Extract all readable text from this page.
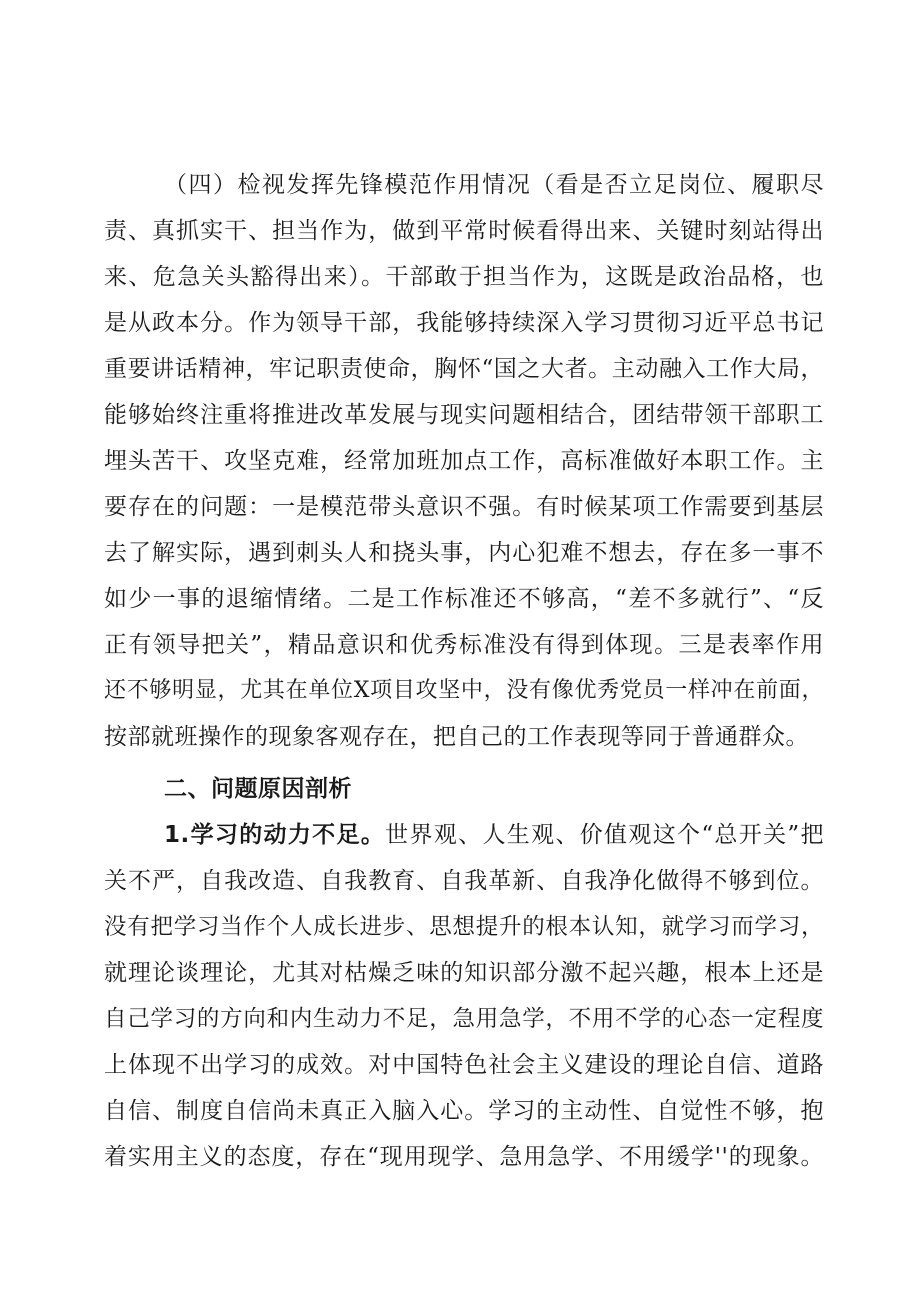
（四）检视发挥先锋模范作用情况（看是否立足岗位、履职尽
责、真抓实干、担当作为，做到平常时候看得出来、关键时刻站得出
来、危急关头豁得出来）。干部敢于担当作为，这既是政治品格，也
是从政本分。作为领导干部，我能够持续深入学习贯彻习近平总书记
重要讲话精神，牢记职责使命，胸怀“国之大者。主动融入工作大局，
能够始终注重将推进改革发展与现实问题相结合，团结带领干部职工
埋头苦干、攻坚克难，经常加班加点工作，高标准做好本职工作。主
要存在的问题：一是模范带头意识不强。有时候某项工作需要到基层
去了解实际，遇到刺头人和挠头事，内心犯难不想去，存在多一事不
如少一事的退缩情绪。二是工作标准还不够高，“差不多就行”、“反
正有领导把关”，精品意识和优秀标准没有得到体现。三是表率作用
还不够明显，尤其在单位X项目攻坚中，没有像优秀党员一样冲在前面，
按部就班操作的现象客观存在，把自己的工作表现等同于普通群众。
二、问题原因剖析
1.学习的动力不足。世界观、人生观、价值观这个“总开关”把
关不严，自我改造、自我教育、自我革新、自我净化做得不够到位。
没有把学习当作个人成长进步、思想提升的根本认知，就学习而学习，
就理论谈理论，尤其对枯燥乏味的知识部分激不起兴趣，根本上还是
自己学习的方向和内生动力不足，急用急学，不用不学的心态一定程度
上体现不出学习的成效。对中国特色社会主义建设的理论自信、道路
自信、制度自信尚未真正入脑入心。学习的主动性、自觉性不够，抱
着实用主义的态度，存在“现用现学、急用急学、不用缓学''的现象。
